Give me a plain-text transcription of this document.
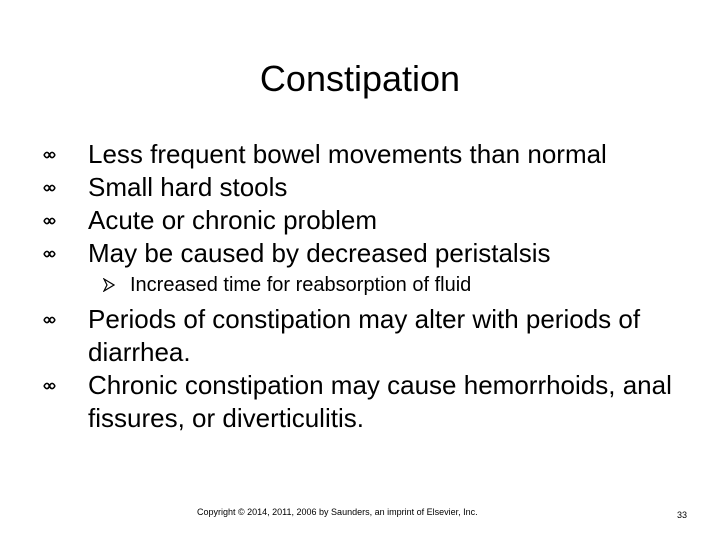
Constipation
Less frequent bowel movements than normal
Small hard stools
Acute or chronic problem
May be caused by decreased peristalsis
Increased time for reabsorption of fluid
Periods of constipation may alter with periods of diarrhea.
Chronic constipation may cause hemorrhoids, anal fissures, or diverticulitis.
Copyright © 2014, 2011, 2006 by Saunders, an imprint of Elsevier, Inc.	33
